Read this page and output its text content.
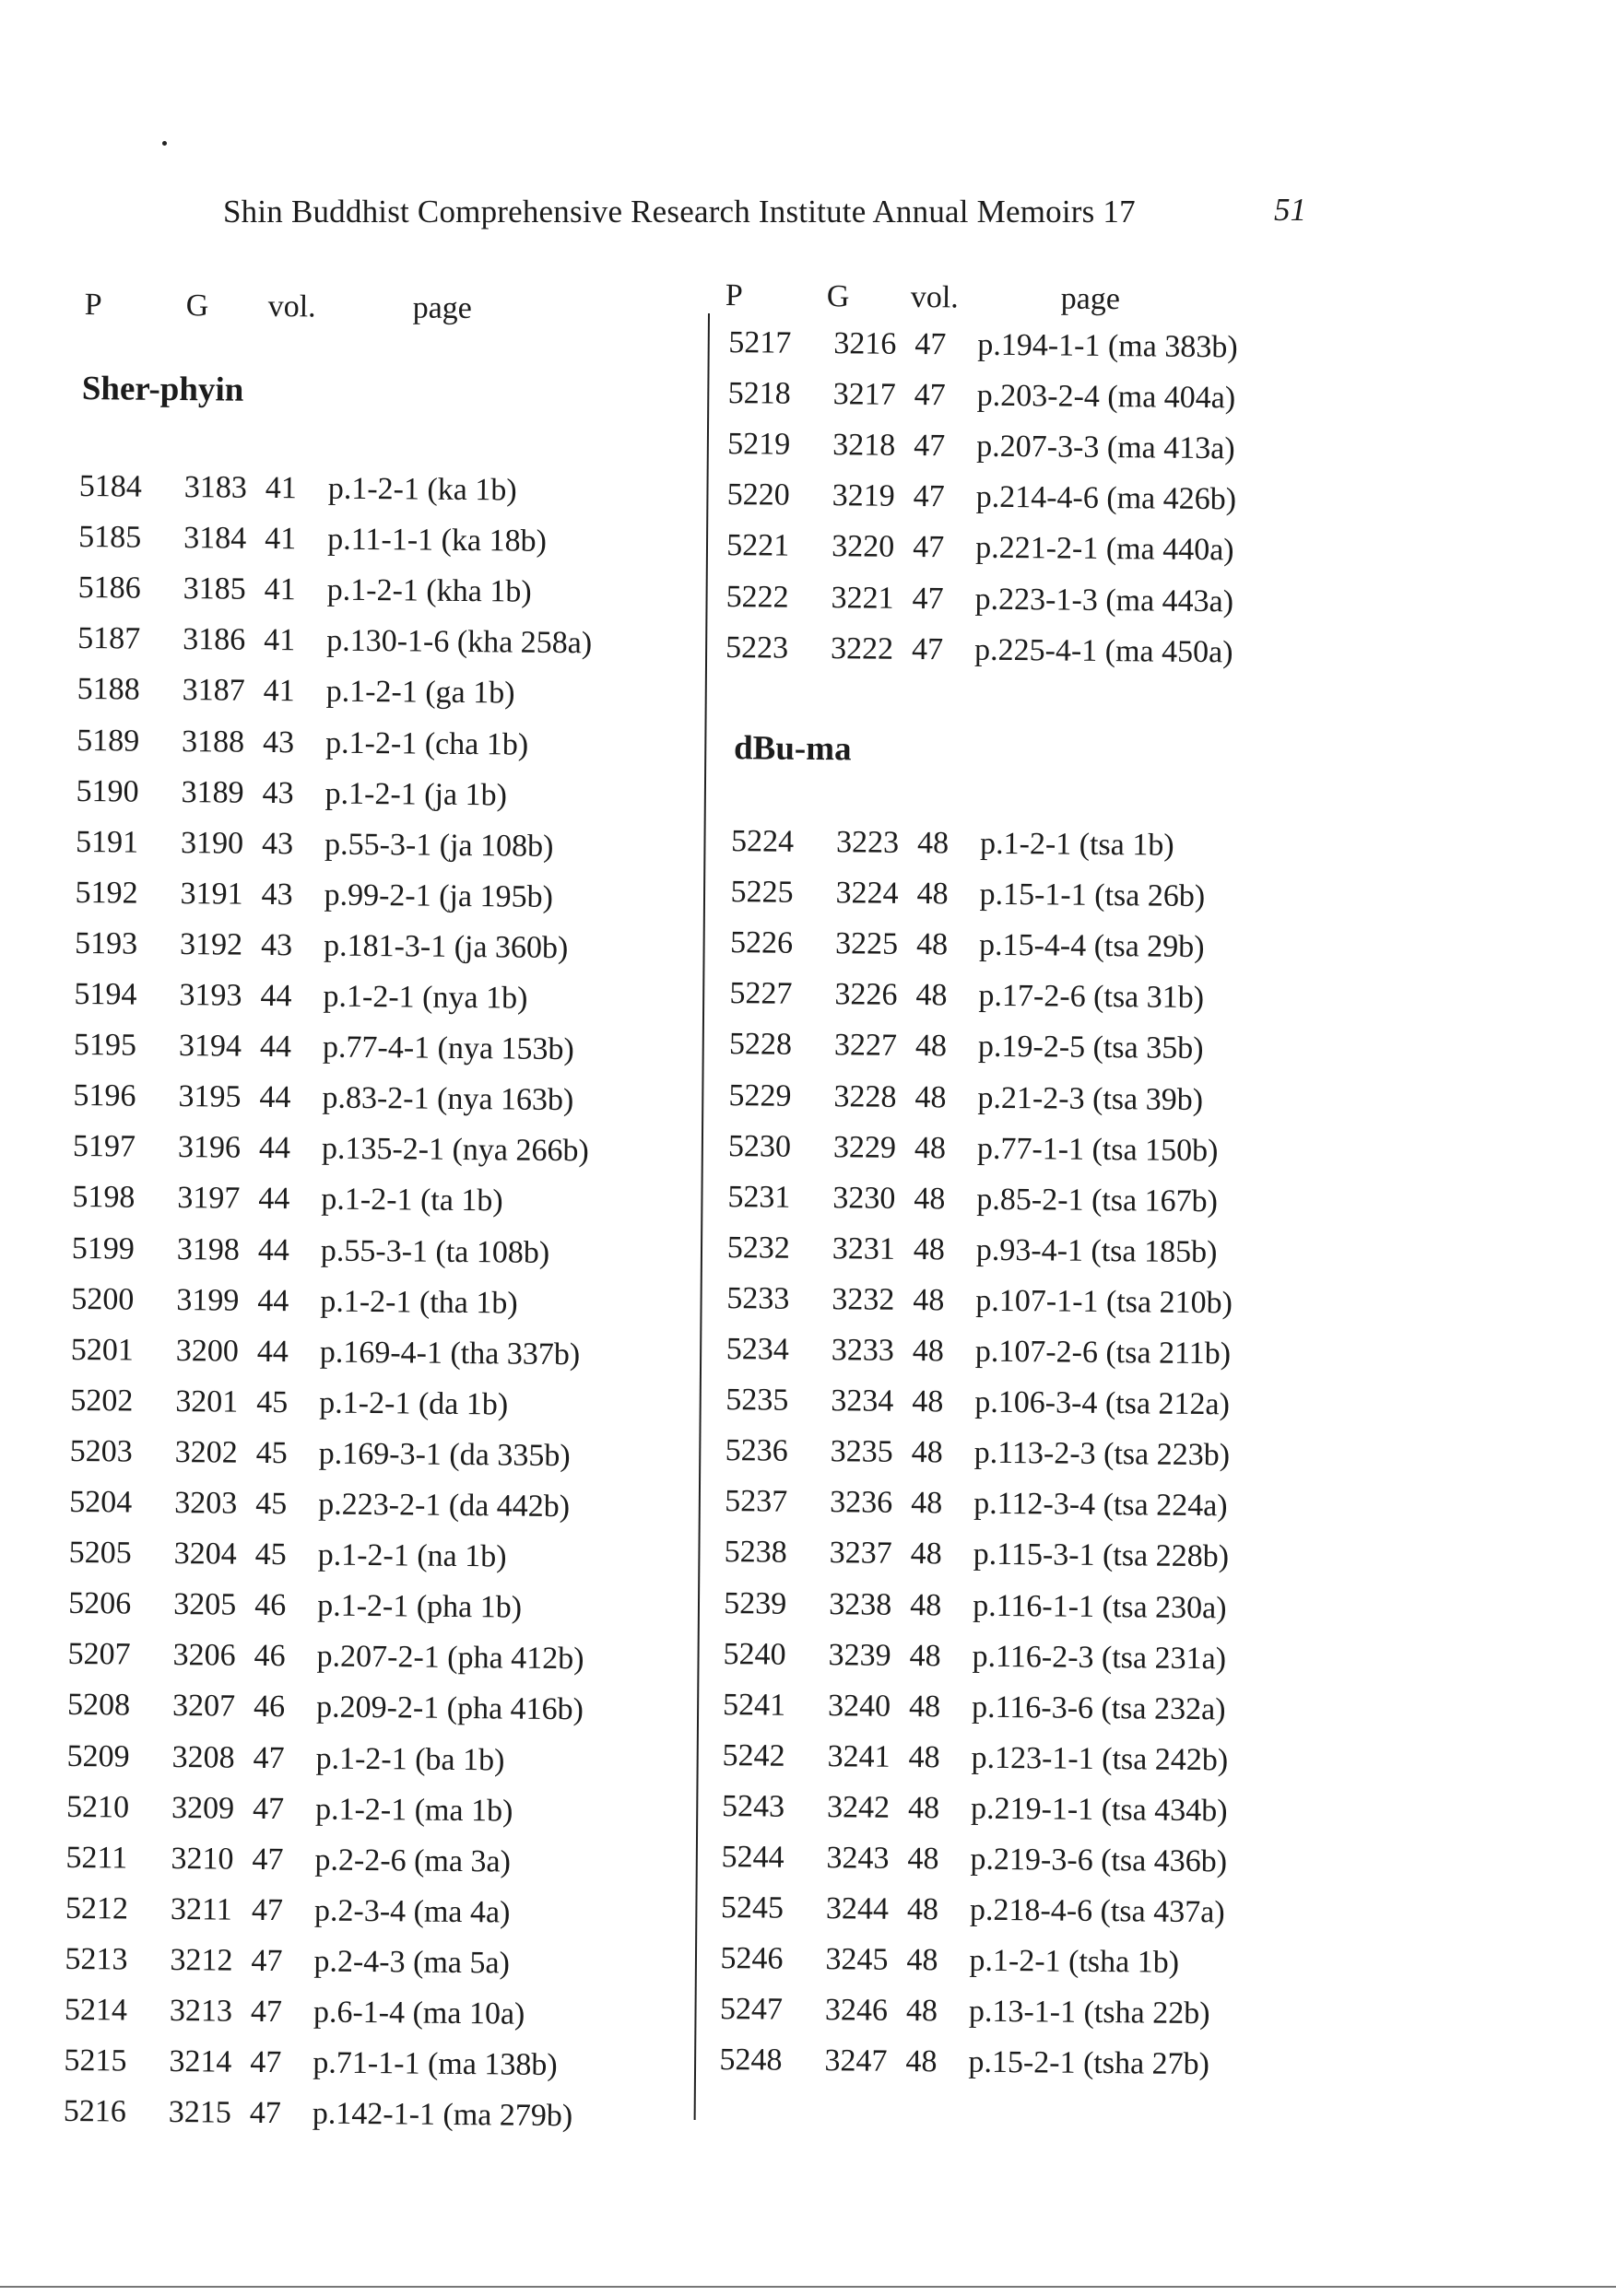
Shin Buddhist Comprehensive Research Institute Annual Memoirs 17	51
P	G vol.	page
Sher-phyin
5184 3183 41 p.1-2-1 (ka 1b)
5185 3184 41 p.11-1-1 (ka 18b)
5186 3185 41 p.1-2-1 (kha 1b)
5187 3186 41 p.130-1-6 (kha 258a)
5188 3187 41 p.1-2-1 (ga 1b)
5189 3188 43 p.1-2-1 (cha 1b)
5190 3189 43 p.1-2-1 (ja 1b)
5191 3190 43 p.55-3-1 (ja 108b)
5192 3191 43 p.99-2-1 (ja 195b)
5193 3192 43 p.181-3-1 (ja 360b)
5194 3193 44 p.1-2-1 (nya 1b)
5195 3194 44 p.77-4-1 (nya 153b)
5196 3195 44 p.83-2-1 (nya 163b)
5197 3196 44 p.135-2-1 (nya 266b)
5198 3197 44 p.1-2-1 (ta 1b)
5199 3198 44 p.55-3-1 (ta 108b)
5200 3199 44 p.1-2-1 (tha 1b)
5201 3200 44 p.169-4-1 (tha 337b)
5202 3201 45 p.1-2-1 (da 1b)
5203 3202 45 p.169-3-1 (da 335b)
5204 3203 45 p.223-2-1 (da 442b)
5205 3204 45 p.1-2-1 (na 1b)
5206 3205 46 p.1-2-1 (pha 1b)
5207 3206 46 p.207-2-1 (pha 412b)
5208 3207 46 p.209-2-1 (pha 416b)
5209 3208 47 p.1-2-1 (ba 1b)
5210 3209 47 p.1-2-1 (ma 1b)
5211 3210 47 p.2-2-6 (ma 3a)
5212 3211 47 p.2-3-4 (ma 4a)
5213 3212 47 p.2-4-3 (ma 5a)
5214 3213 47 p.6-1-4 (ma 10a)
5215 3214 47 p.71-1-1 (ma 138b)
5216 3215 47 p.142-1-1 (ma 279b)
P	G vol.	page
5217 3216 47 p.194-1-1 (ma 383b)
5218 3217 47 p.203-2-4 (ma 404a)
5219 3218 47 p.207-3-3 (ma 413a)
5220 3219 47 p.214-4-6 (ma 426b)
5221 3220 47 p.221-2-1 (ma 440a)
5222 3221 47 p.223-1-3 (ma 443a)
5223 3222 47 p.225-4-1 (ma 450a)
dBu-ma
5224 3223 48 p.1-2-1 (tsa 1b)
5225 3224 48 p.15-1-1 (tsa 26b)
5226 3225 48 p.15-4-4 (tsa 29b)
5227 3226 48 p.17-2-6 (tsa 31b)
5228 3227 48 p.19-2-5 (tsa 35b)
5229 3228 48 p.21-2-3 (tsa 39b)
5230 3229 48 p.77-1-1 (tsa 150b)
5231 3230 48 p.85-2-1 (tsa 167b)
5232 3231 48 p.93-4-1 (tsa 185b)
5233 3232 48 p.107-1-1 (tsa 210b)
5234 3233 48 p.107-2-6 (tsa 211b)
5235 3234 48 p.106-3-4 (tsa 212a)
5236 3235 48 p.113-2-3 (tsa 223b)
5237 3236 48 p.112-3-4 (tsa 224a)
5238 3237 48 p.115-3-1 (tsa 228b)
5239 3238 48 p.116-1-1 (tsa 230a)
5240 3239 48 p.116-2-3 (tsa 231a)
5241 3240 48 p.116-3-6 (tsa 232a)
5242 3241 48 p.123-1-1 (tsa 242b)
5243 3242 48 p.219-1-1 (tsa 434b)
5244 3243 48 p.219-3-6 (tsa 436b)
5245 3244 48 p.218-4-6 (tsa 437a)
5246 3245 48 p.1-2-1 (tsha 1b)
5247 3246 48 p.13-1-1 (tsha 22b)
5248 3247 48 p.15-2-1 (tsha 27b)
